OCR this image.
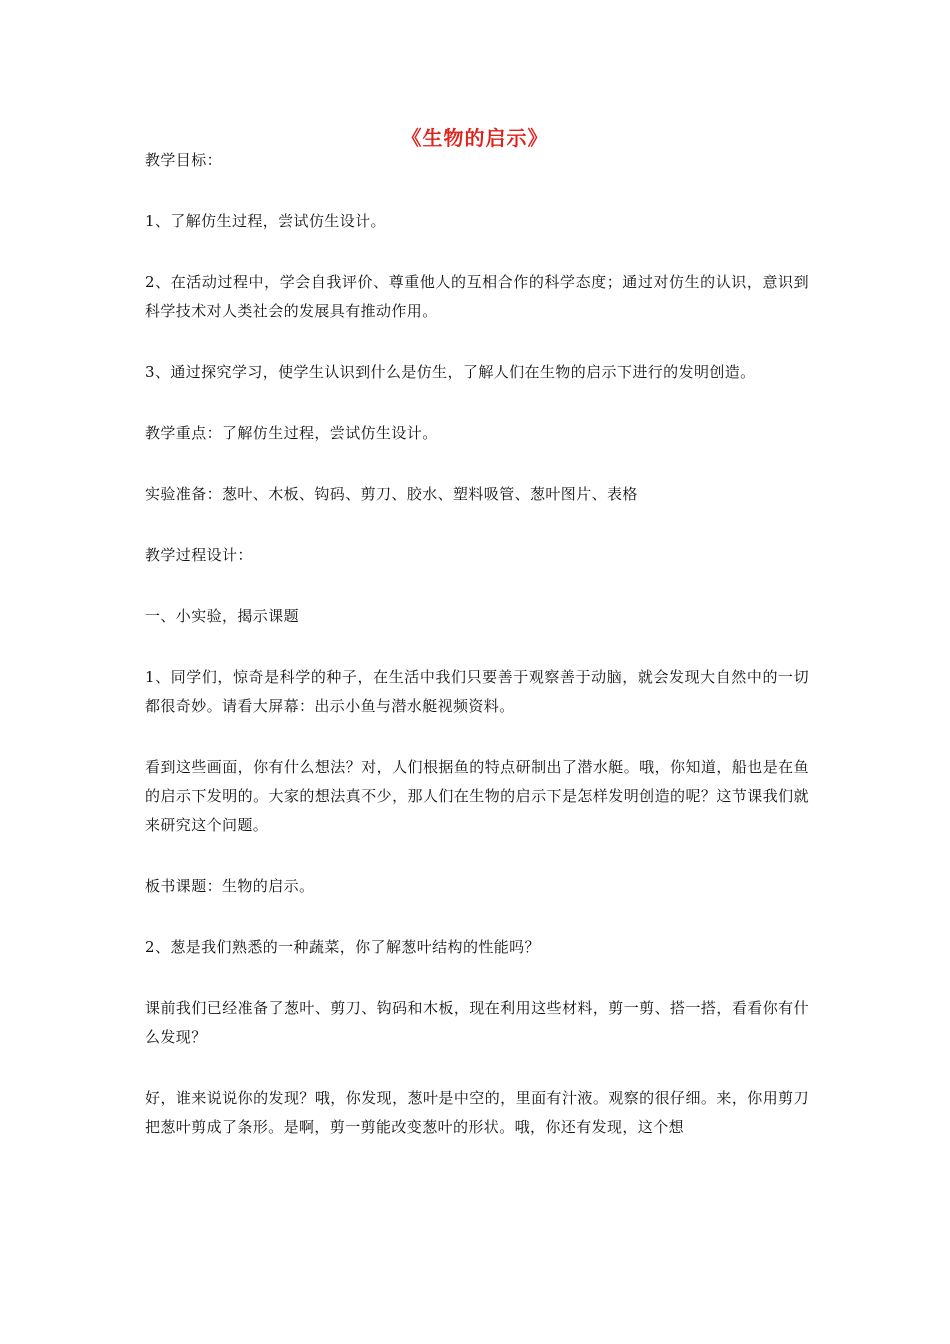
《生物的启示》

教学目标：

1、了解仿生过程，尝试仿生设计。

2、在活动过程中，学会自我评价、尊重他人的互相合作的科学态度；通过对仿生的认识，意识到科学技术对人类社会的发展具有推动作用。

3、通过探究学习，使学生认识到什么是仿生，了解人们在生物的启示下进行的发明创造。

教学重点：了解仿生过程，尝试仿生设计。

实验准备：葱叶、木板、钩码、剪刀、胶水、塑料吸管、葱叶图片、表格

教学过程设计：

一、小实验，揭示课题

1、同学们，惊奇是科学的种子，在生活中我们只要善于观察善于动脑，就会发现大自然中的一切都很奇妙。请看大屏幕：出示小鱼与潜水艇视频资料。

看到这些画面，你有什么想法？对，人们根据鱼的特点研制出了潜水艇。哦，你知道，船也是在鱼的启示下发明的。大家的想法真不少，那人们在生物的启示下是怎样发明创造的呢？这节课我们就来研究这个问题。

板书课题：生物的启示。

2、葱是我们熟悉的一种蔬菜，你了解葱叶结构的性能吗？

课前我们已经准备了葱叶、剪刀、钩码和木板，现在利用这些材料，剪一剪、搭一搭，看看你有什么发现？

好，谁来说说你的发现？哦，你发现，葱叶是中空的，里面有汁液。观察的很仔细。来，你用剪刀把葱叶剪成了条形。是啊，剪一剪能改变葱叶的形状。哦，你还有发现，这个想
